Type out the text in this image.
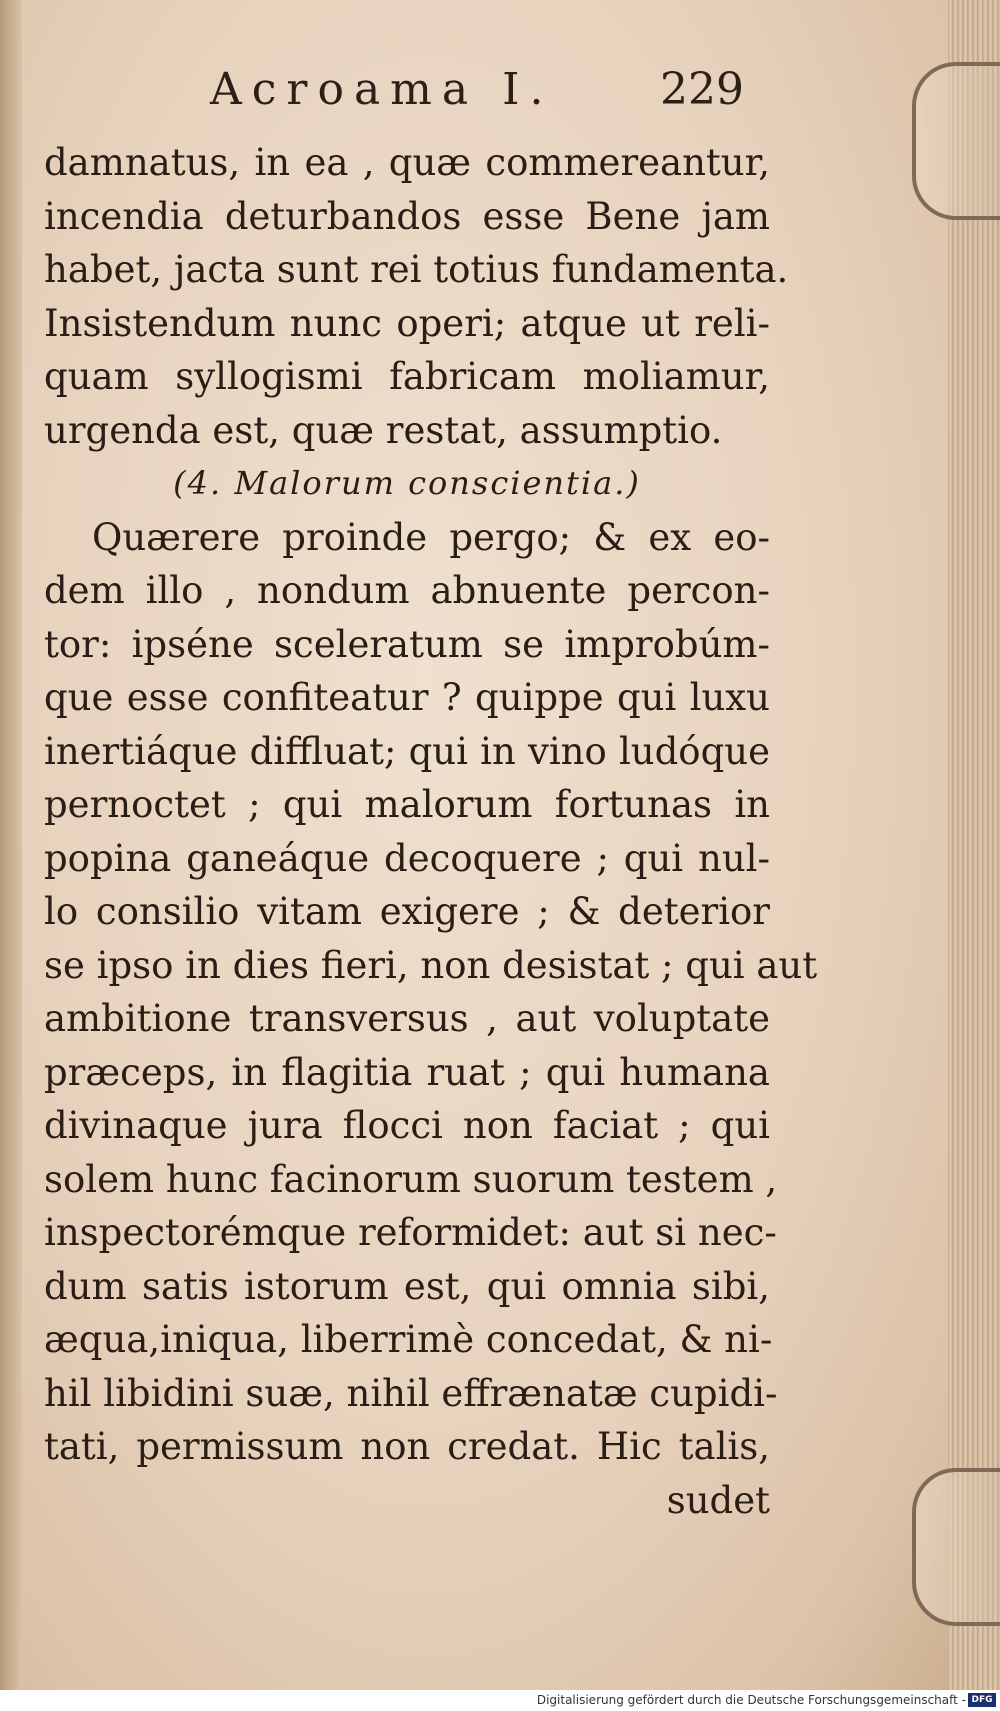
Acroama I.	229
damnatus, in ea , quæ commereantur,
incendia deturbandos esse Bene jam
habet, jacta sunt rei totius fundamenta.
Insistendum nunc operi; atque ut reli-
quam syllogismi fabricam moliamur,
urgenda est, quæ restat, assumptio.
(4. Malorum conscientia.)
Quærere proinde pergo; & ex eo-
dem illo , nondum abnuente percon-
tor: ipséne sceleratum se improbúm-
que esse confiteatur ? quippe qui luxu
inertiáque diffluat; qui in vino ludóque
pernoctet ; qui malorum fortunas in
popina ganeáque decoquere ; qui nul-
lo consilio vitam exigere ; & deterior
se ipso in dies fieri, non desistat ; qui aut
ambitione transversus , aut voluptate
præceps, in flagitia ruat ; qui humana
divinaque jura flocci non faciat ; qui
solem hunc facinorum suorum testem ,
inspectorémque reformidet: aut si nec-
dum satis istorum est, qui omnia sibi,
æqua,iniqua, liberrimè concedat, & ni-
hil libidini suæ, nihil effrænatæ cupidi-
tati, permissum non credat. Hic talis,
sudet
Digitalisierung gefördert durch die Deutsche Forschungsgemeinschaft - DFG
